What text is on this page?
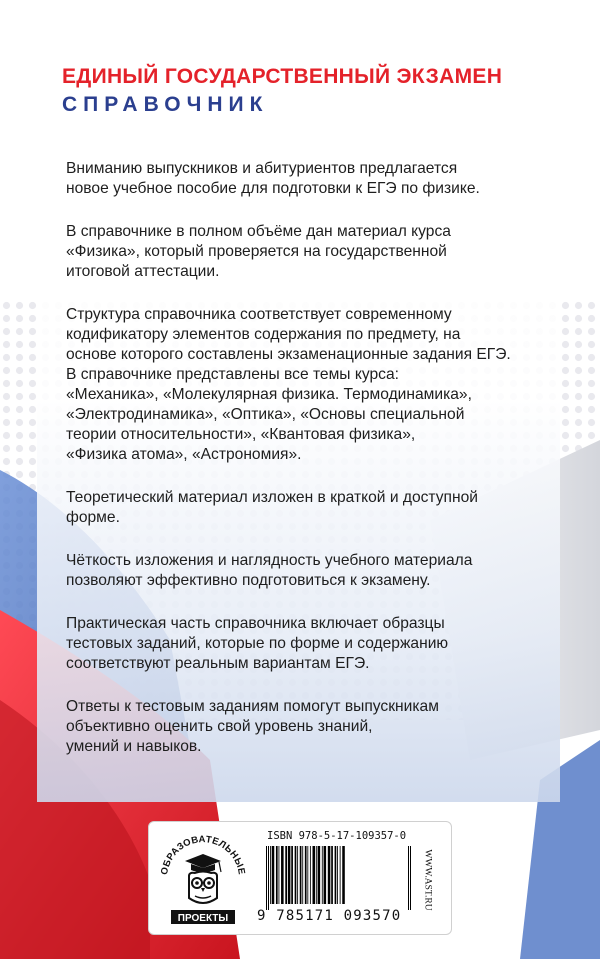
ЕДИНЫЙ ГОСУДАРСТВЕННЫЙ ЭКЗАМЕН
СПРАВОЧНИК

Вниманию выпускников и абитуриентов предлагается
новое учебное пособие для подготовки к ЕГЭ по физике.

В справочнике в полном объёме дан материал курса
«Физика», который проверяется на государственной
итоговой аттестации.

Структура справочника соответствует современному
кодификатору элементов содержания по предмету, на
основе которого составлены экзаменационные задания ЕГЭ.
В справочнике представлены все темы курса:
«Механика», «Молекулярная физика. Термодинамика»,
«Электродинамика», «Оптика», «Основы специальной
теории относительности», «Квантовая физика»,
«Физика атома», «Астрономия».

Теоретический материал изложен в краткой и доступной
форме.

Чёткость изложения и наглядность учебного материала
позволяют эффективно подготовиться к экзамену.

Практическая часть справочника включает образцы
тестовых заданий, которые по форме и содержанию
соответствуют реальным вариантам ЕГЭ.

Ответы к тестовым заданиям помогут выпускникам
объективно оценить свой уровень знаний,
умений и навыков.

ОБРАЗОВАТЕЛЬНЫЕ
ПРОЕКТЫ
ISBN 978-5-17-109357-0
9 785171 093570
WWW.AST.RU
